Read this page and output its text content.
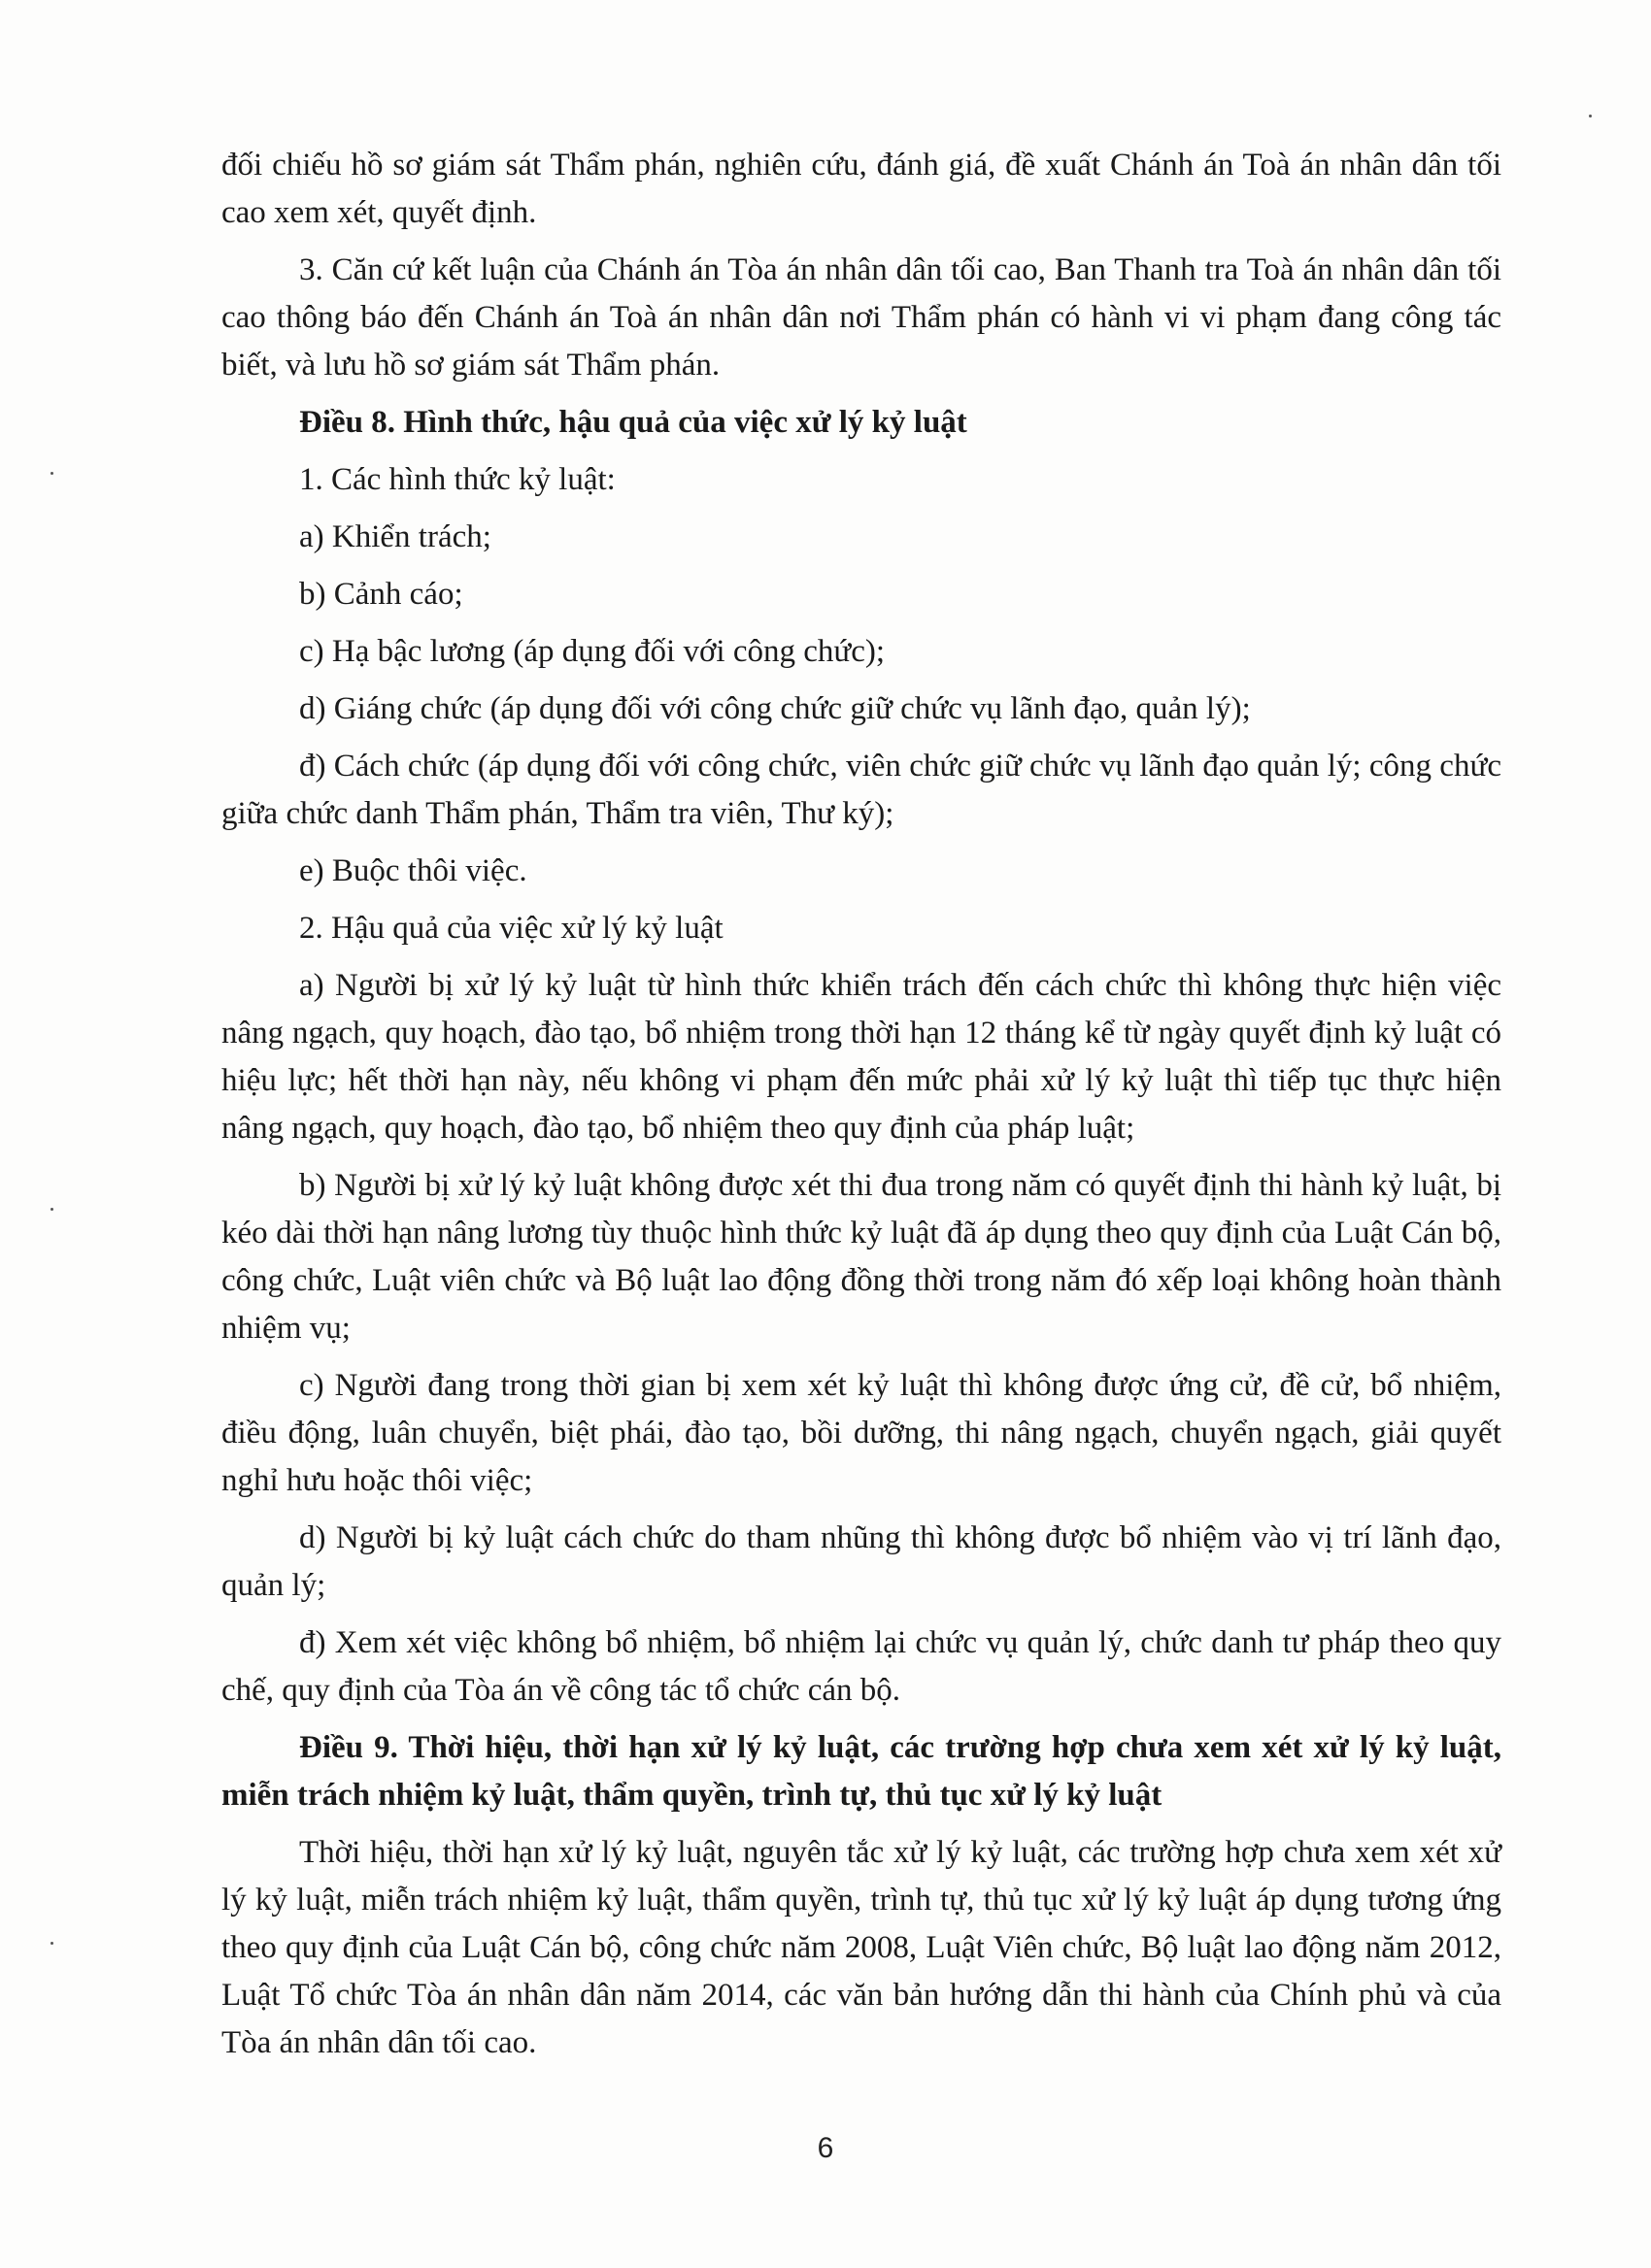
đối chiếu hồ sơ giám sát Thẩm phán, nghiên cứu, đánh giá, đề xuất Chánh án Toà án nhân dân tối cao xem xét, quyết định.

3. Căn cứ kết luận của Chánh án Tòa án nhân dân tối cao, Ban Thanh tra Toà án nhân dân tối cao thông báo đến Chánh án Toà án nhân dân nơi Thẩm phán có hành vi vi phạm đang công tác biết, và lưu hồ sơ giám sát Thẩm phán.

Điều 8. Hình thức, hậu quả của việc xử lý kỷ luật

1. Các hình thức kỷ luật:

a) Khiển trách;

b) Cảnh cáo;

c) Hạ bậc lương (áp dụng đối với công chức);

d) Giáng chức (áp dụng đối với công chức giữ chức vụ lãnh đạo, quản lý);

đ) Cách chức (áp dụng đối với công chức, viên chức giữ chức vụ lãnh đạo quản lý; công chức giữa chức danh Thẩm phán, Thẩm tra viên, Thư ký);

e) Buộc thôi việc.

2. Hậu quả của việc xử lý kỷ luật

a) Người bị xử lý kỷ luật từ hình thức khiển trách đến cách chức thì không thực hiện việc nâng ngạch, quy hoạch, đào tạo, bổ nhiệm trong thời hạn 12 tháng kể từ ngày quyết định kỷ luật có hiệu lực; hết thời hạn này, nếu không vi phạm đến mức phải xử lý kỷ luật thì tiếp tục thực hiện nâng ngạch, quy hoạch, đào tạo, bổ nhiệm theo quy định của pháp luật;

b) Người bị xử lý kỷ luật không được xét thi đua trong năm có quyết định thi hành kỷ luật, bị kéo dài thời hạn nâng lương tùy thuộc hình thức kỷ luật đã áp dụng theo quy định của Luật Cán bộ, công chức, Luật viên chức và Bộ luật lao động đồng thời trong năm đó xếp loại không hoàn thành nhiệm vụ;

c) Người đang trong thời gian bị xem xét kỷ luật thì không được ứng cử, đề cử, bổ nhiệm, điều động, luân chuyển, biệt phái, đào tạo, bồi dưỡng, thi nâng ngạch, chuyển ngạch, giải quyết nghỉ hưu hoặc thôi việc;

d) Người bị kỷ luật cách chức do tham nhũng thì không được bổ nhiệm vào vị trí lãnh đạo, quản lý;

đ) Xem xét việc không bổ nhiệm, bổ nhiệm lại chức vụ quản lý, chức danh tư pháp theo quy chế, quy định của Tòa án về công tác tổ chức cán bộ.

Điều 9. Thời hiệu, thời hạn xử lý kỷ luật, các trường hợp chưa xem xét xử lý kỷ luật, miễn trách nhiệm kỷ luật, thẩm quyền, trình tự, thủ tục xử lý kỷ luật

Thời hiệu, thời hạn xử lý kỷ luật, nguyên tắc xử lý kỷ luật, các trường hợp chưa xem xét xử lý kỷ luật, miễn trách nhiệm kỷ luật, thẩm quyền, trình tự, thủ tục xử lý kỷ luật áp dụng tương ứng theo quy định của Luật Cán bộ, công chức năm 2008, Luật Viên chức, Bộ luật lao động năm 2012, Luật Tổ chức Tòa án nhân dân năm 2014, các văn bản hướng dẫn thi hành của Chính phủ và của Tòa án nhân dân tối cao.

6
